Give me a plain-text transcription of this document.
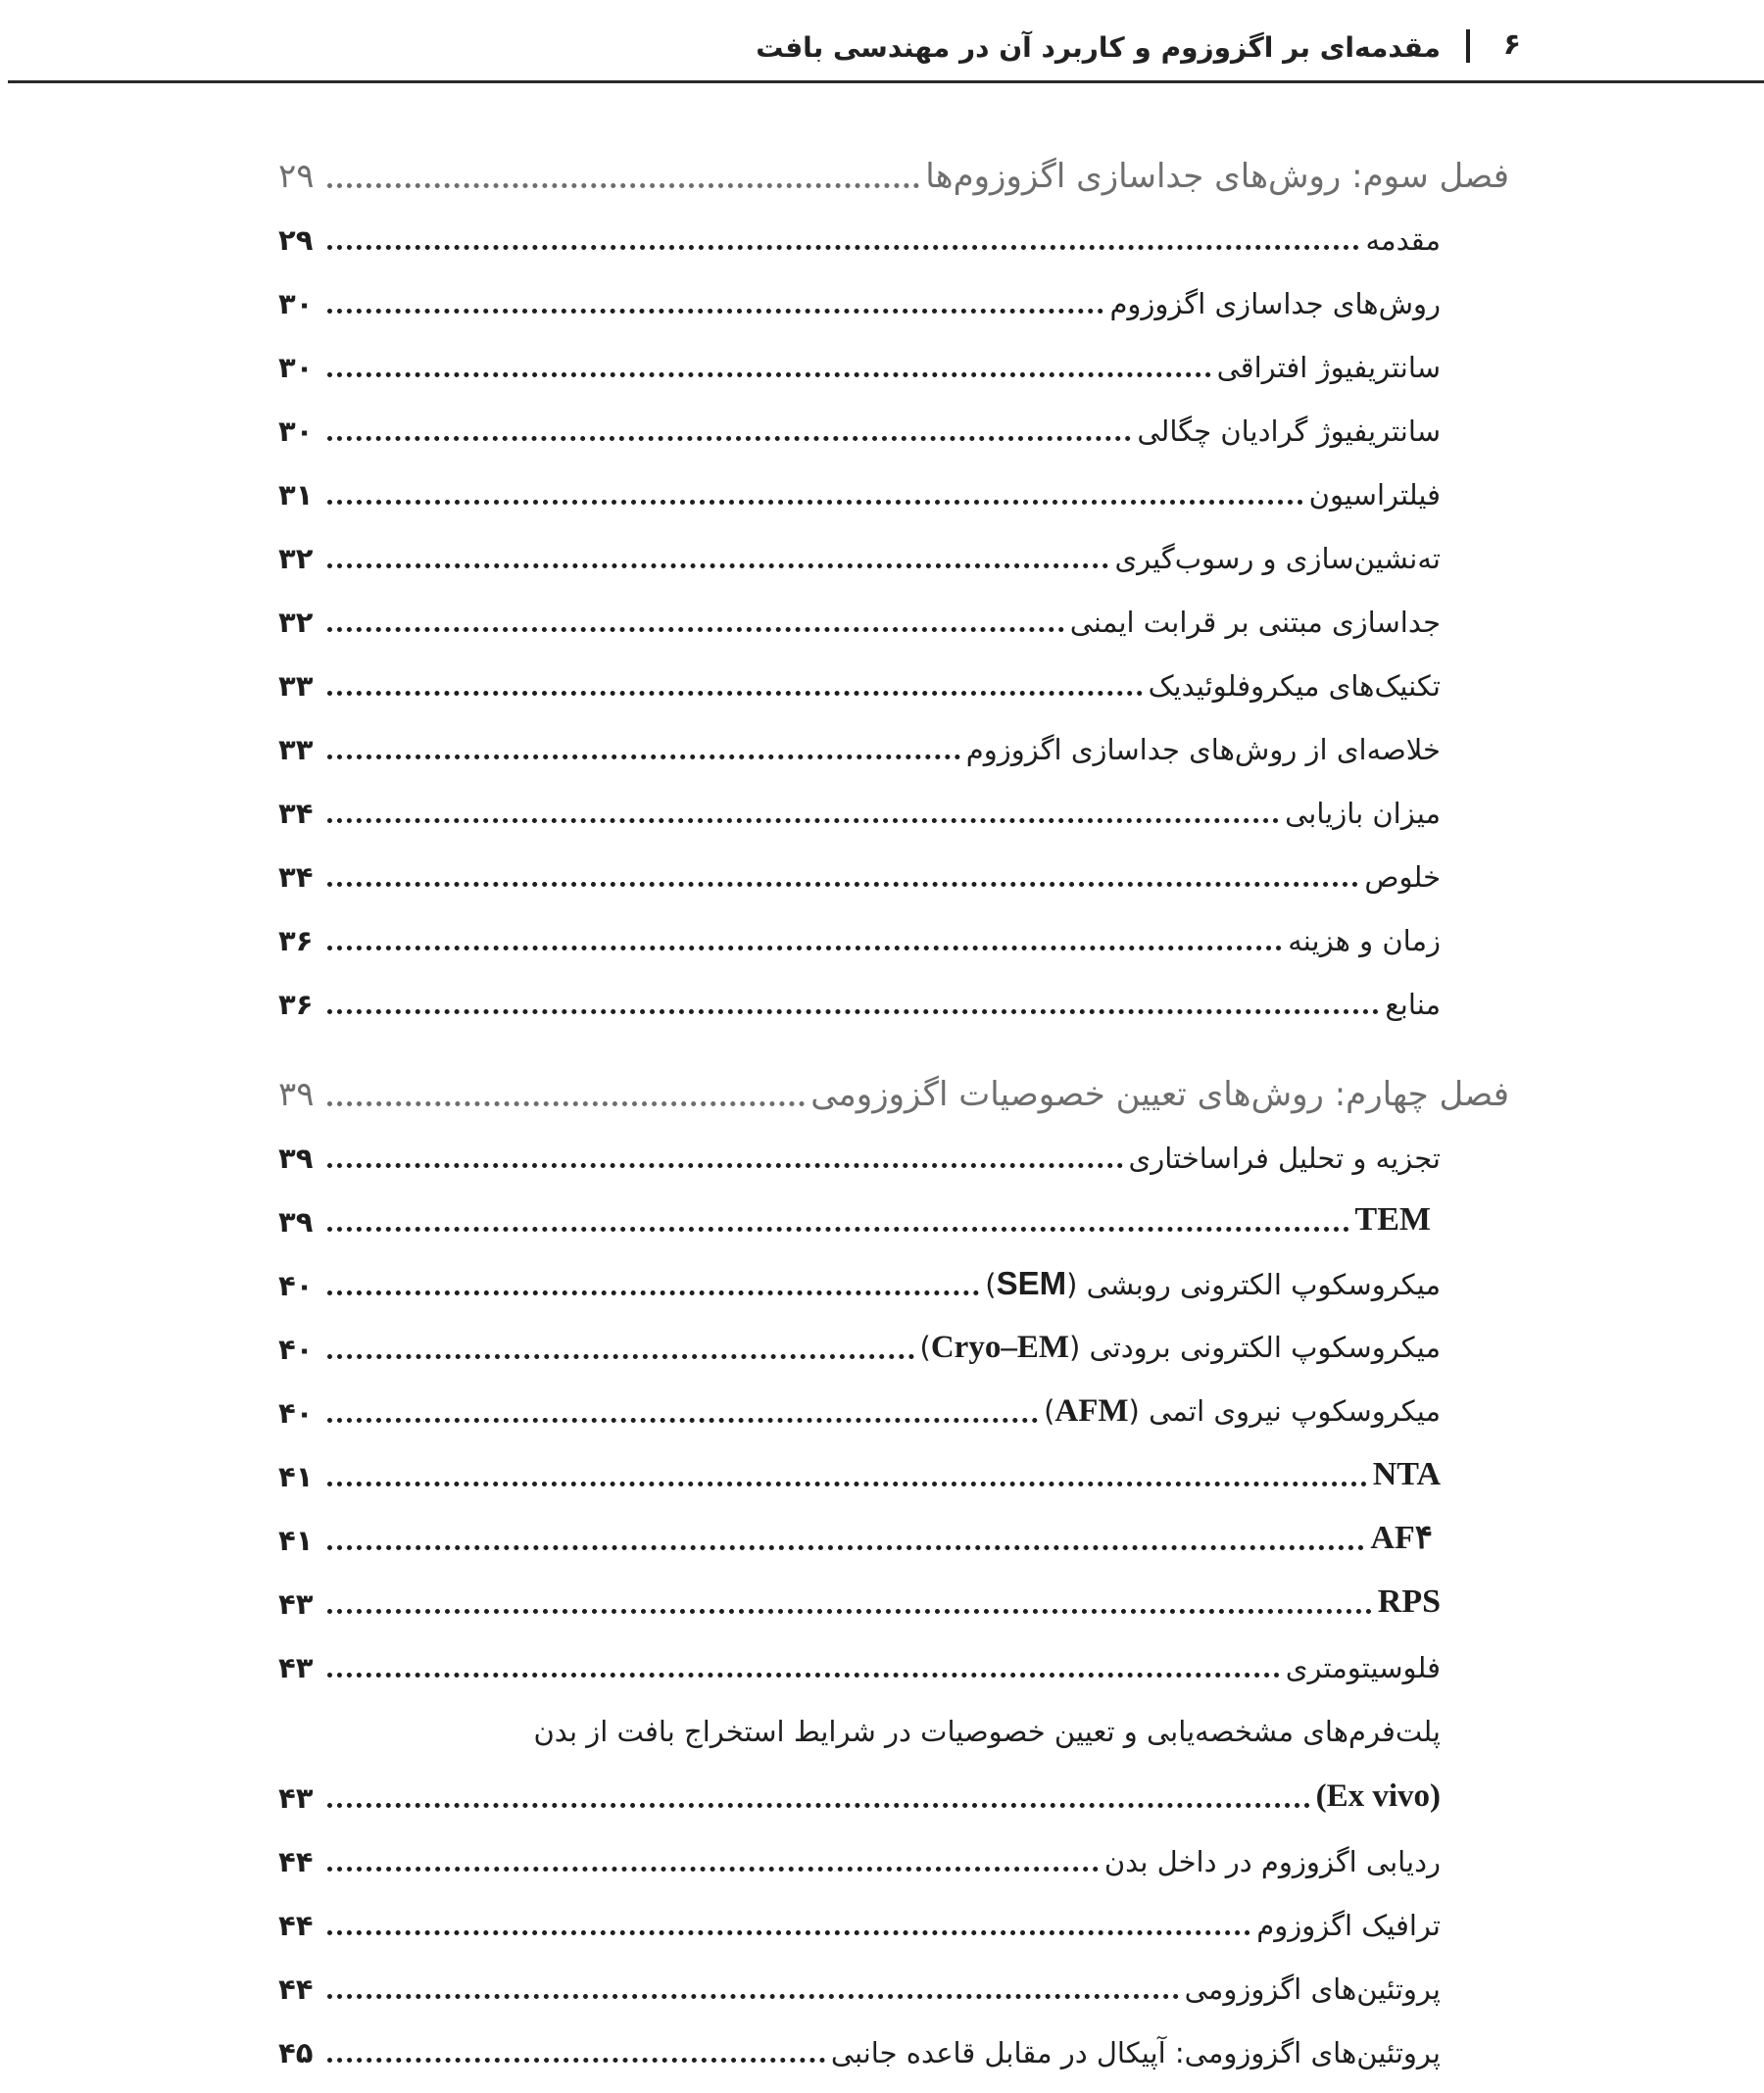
مقدمه‌ای بر اگزوزوم و کاربرد آن در مهندسی بافت ۶
فصل سوم: روش‌های جداسازی اگزوزوم‌ها
۲۹
مقدمه
۲۹
روش‌های جداسازی اگزوزوم
۳۰
سانتریفیوژ افتراقی
۳۰
سانتریفیوژ گرادیان چگالی
۳۰
فیلتراسیون
۳۱
ته‌نشین‌سازی و رسوب‌گیری
۳۲
جداسازی مبتنی بر قرابت ایمنی
۳۲
تکنیک‌های میکروفلوئیدیک
۳۳
خلاصه‌ای از روش‌های جداسازی اگزوزوم
۳۳
میزان بازیابی
۳۴
خلوص
۳۴
زمان و هزینه
۳۶
منابع
۳۶
فصل چهارم: روش‌های تعیین خصوصیات اگزوزومی
۳۹
تجزیه و تحلیل فراساختاری
۳۹
TEM
۳۹
میکروسکوپ الکترونی روبشی (SEM)
۴۰
میکروسکوپ الکترونی برودتی (Cryo–EM)
۴۰
میکروسکوپ نیروی اتمی (AFM)
۴۰
NTA
۴۱
AF۴
۴۱
RPS
۴۳
فلوسیتومتری
۴۳
پلت‌فرم‌های مشخصه‌یابی و تعیین خصوصیات در شرایط استخراج بافت از بدن
(Ex vivo)
۴۳
ردیابی اگزوزوم در داخل بدن
۴۴
ترافیک اگزوزوم
۴۴
پروتئین‌های اگزوزومی
۴۴
پروتئین‌های اگزوزومی: آپیکال در مقابل قاعده جانبی
۴۵
